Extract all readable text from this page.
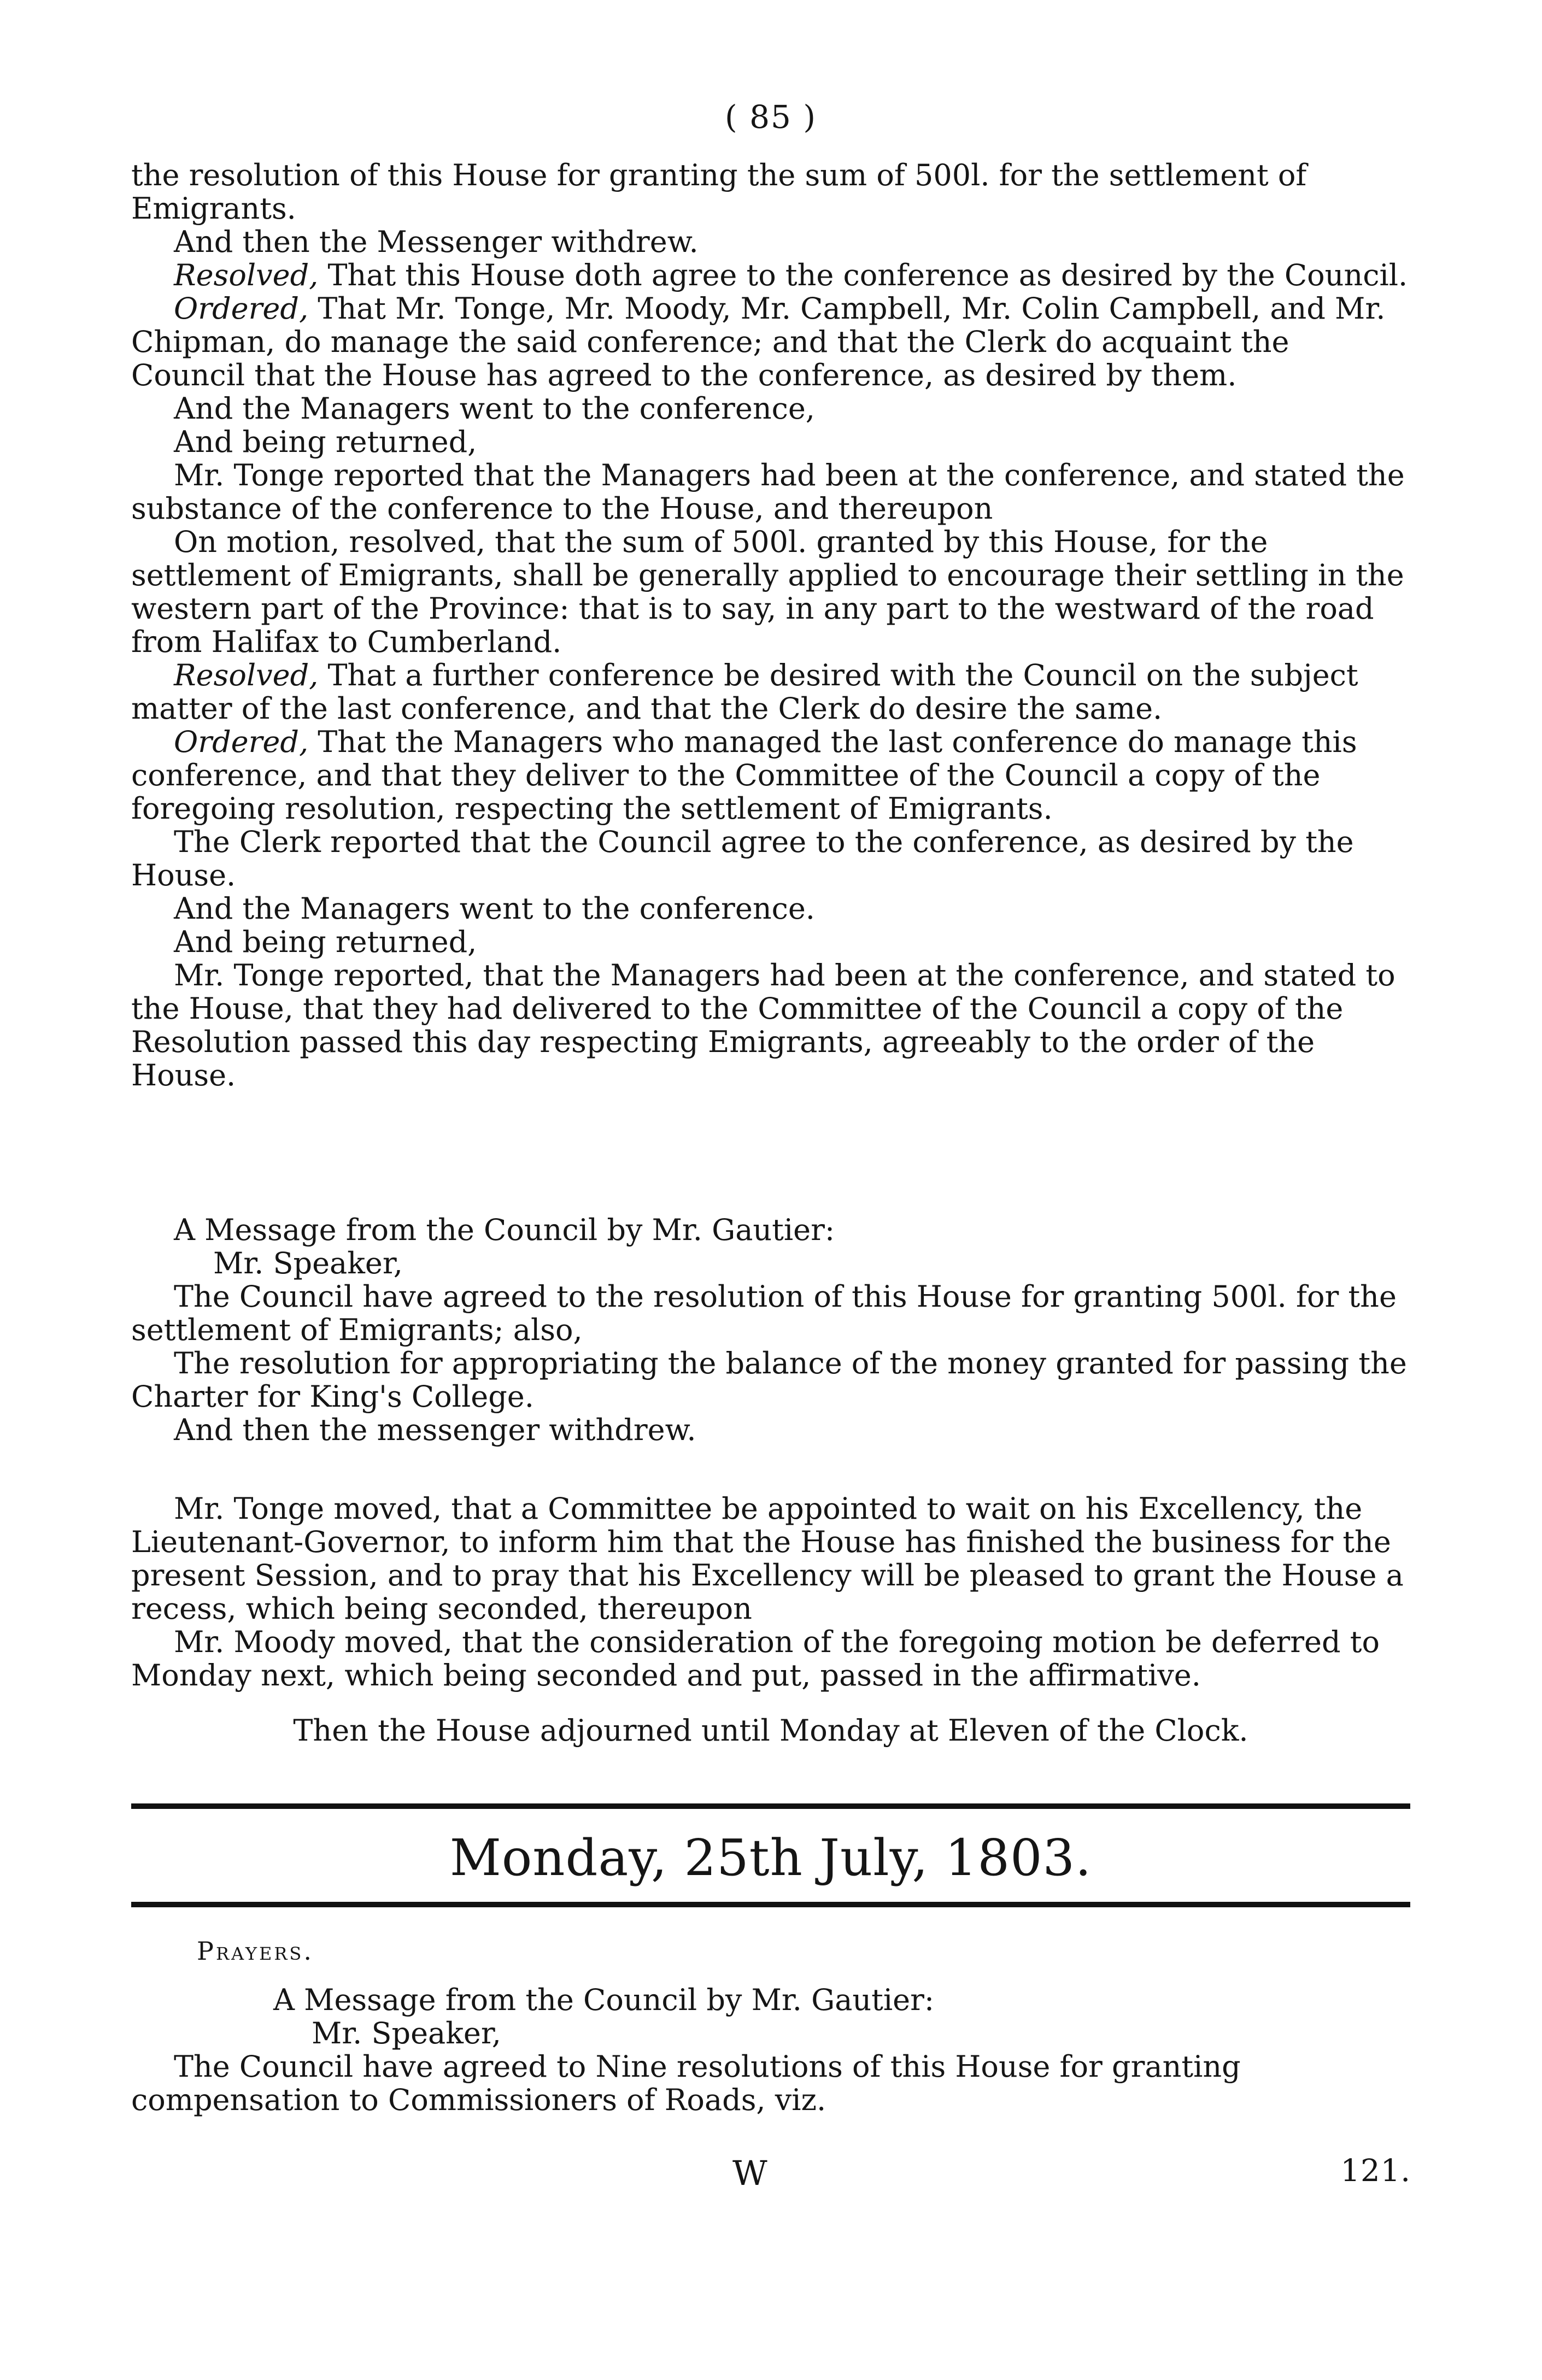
( 85 )

the resolution of this House for granting the sum of 500l. for the settlement of Emigrants.

And then the Messenger withdrew.

Resolved, That this House doth agree to the conference as desired by the Council.

Ordered, That Mr. Tonge, Mr. Moody, Mr. Campbell, Mr. Colin Campbell, and Mr. Chipman, do manage the said conference; and that the Clerk do acquaint the Council that the House has agreed to the conference, as desired by them.

And the Managers went to the conference,

And being returned,

Mr. Tonge reported that the Managers had been at the conference, and stated the substance of the conference to the House, and thereupon

On motion, resolved, that the sum of 500l. granted by this House, for the settlement of Emigrants, shall be generally applied to encourage their settling in the western part of the Province: that is to say, in any part to the westward of the road from Halifax to Cumberland.

Resolved, That a further conference be desired with the Council on the subject matter of the last conference, and that the Clerk do desire the same.

Ordered, That the Managers who managed the last conference do manage this conference, and that they deliver to the Committee of the Council a copy of the foregoing resolution, respecting the settlement of Emigrants.

The Clerk reported that the Council agree to the conference, as desired by the House.

And the Managers went to the conference.

And being returned,

Mr. Tonge reported, that the Managers had been at the conference, and stated to the House, that they had delivered to the Committee of the Council a copy of the Resolution passed this day respecting Emigrants, agreeably to the order of the House.

A Message from the Council by Mr. Gautier:

Mr. Speaker,

The Council have agreed to the resolution of this House for granting 500l. for the settlement of Emigrants; also,

The resolution for appropriating the balance of the money granted for passing the Charter for King's College.

And then the messenger withdrew.

Mr. Tonge moved, that a Committee be appointed to wait on his Excellency, the Lieutenant-Governor, to inform him that the House has finished the business for the present Session, and to pray that his Excellency will be pleased to grant the House a recess, which being seconded, thereupon

Mr. Moody moved, that the consideration of the foregoing motion be deferred to Monday next, which being seconded and put, passed in the affirmative.

Then the House adjourned until Monday at Eleven of the Clock.

Monday, 25th July, 1803.

Prayers.

A Message from the Council by Mr. Gautier:

Mr. Speaker,

The Council have agreed to Nine resolutions of this House for granting compensation to Commissioners of Roads, viz.

W	121.
